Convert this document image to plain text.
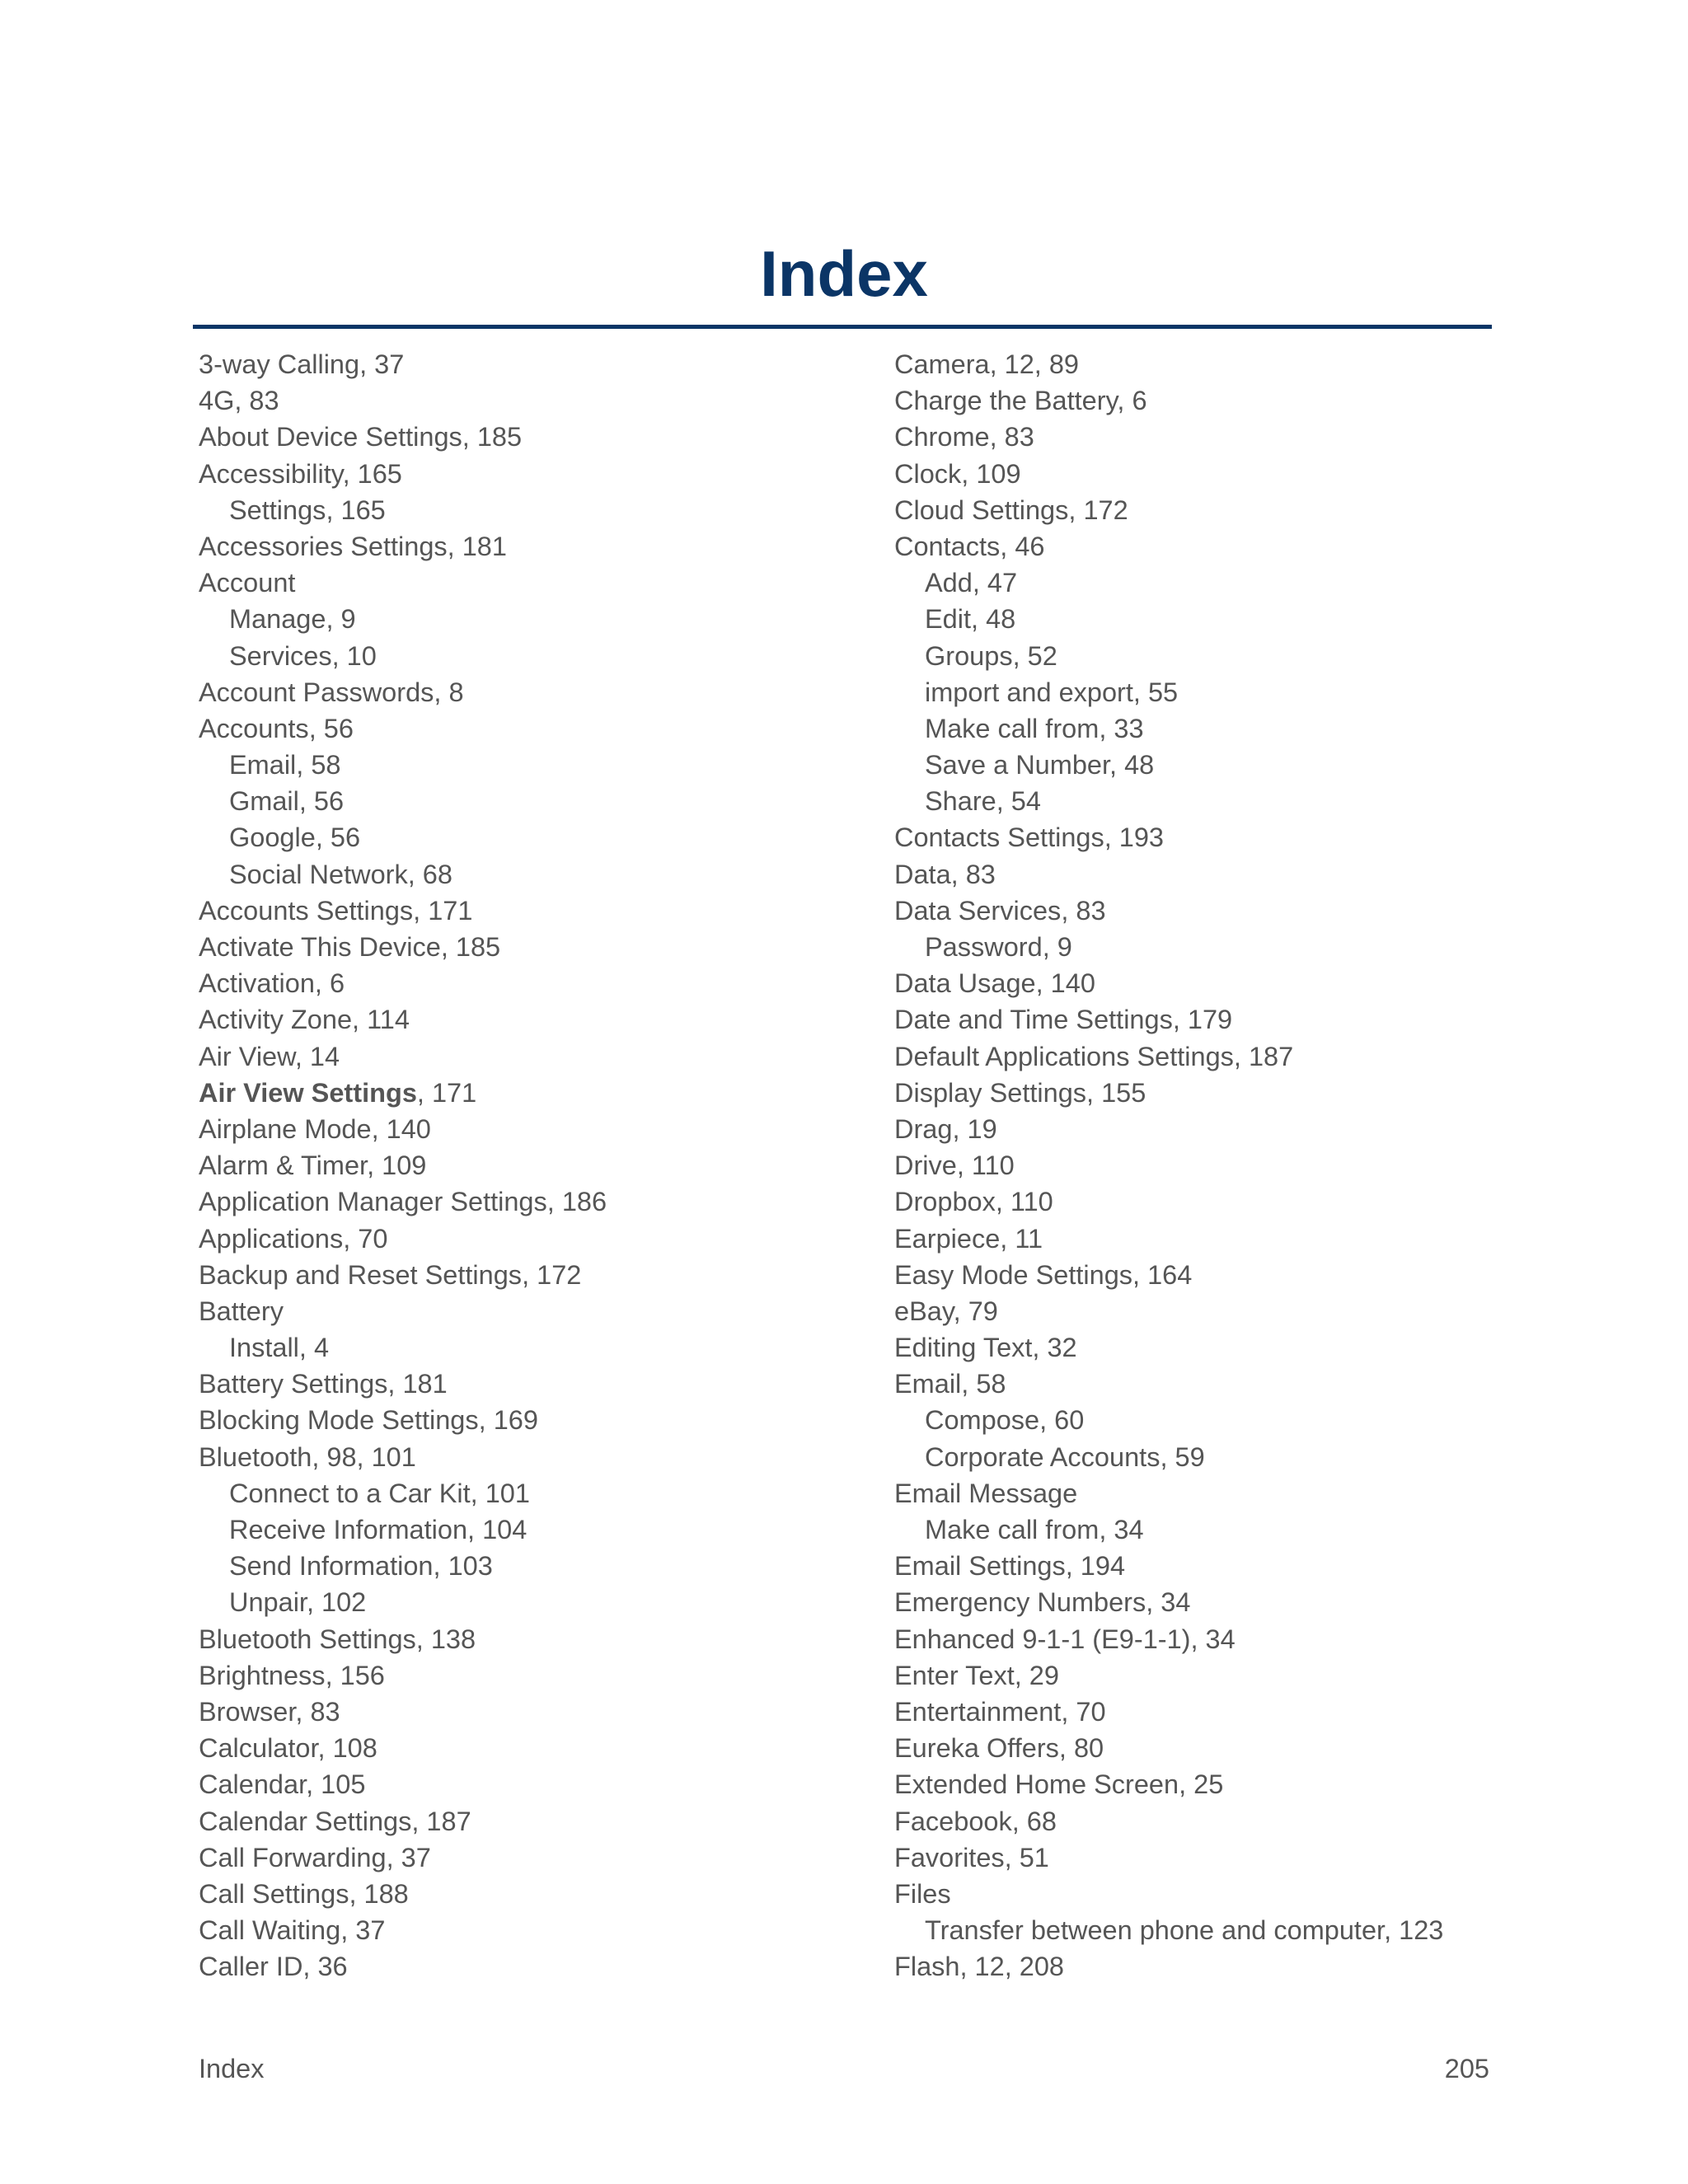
Index
3-way Calling, 37
4G, 83
About Device Settings, 185
Accessibility, 165
Settings, 165
Accessories Settings, 181
Account
Manage, 9
Services, 10
Account Passwords, 8
Accounts, 56
Email, 58
Gmail, 56
Google, 56
Social Network, 68
Accounts Settings, 171
Activate This Device, 185
Activation, 6
Activity Zone, 114
Air View, 14
Air View Settings, 171
Airplane Mode, 140
Alarm & Timer, 109
Application Manager Settings, 186
Applications, 70
Backup and Reset Settings, 172
Battery
Install, 4
Battery Settings, 181
Blocking Mode Settings, 169
Bluetooth, 98, 101
Connect to a Car Kit, 101
Receive Information, 104
Send Information, 103
Unpair, 102
Bluetooth Settings, 138
Brightness, 156
Browser, 83
Calculator, 108
Calendar, 105
Calendar Settings, 187
Call Forwarding, 37
Call Settings, 188
Call Waiting, 37
Caller ID, 36
Camera, 12, 89
Charge the Battery, 6
Chrome, 83
Clock, 109
Cloud Settings, 172
Contacts, 46
Add, 47
Edit, 48
Groups, 52
import and export, 55
Make call from, 33
Save a Number, 48
Share, 54
Contacts Settings, 193
Data, 83
Data Services, 83
Password, 9
Data Usage, 140
Date and Time Settings, 179
Default Applications Settings, 187
Display Settings, 155
Drag, 19
Drive, 110
Dropbox, 110
Earpiece, 11
Easy Mode Settings, 164
eBay, 79
Editing Text, 32
Email, 58
Compose, 60
Corporate Accounts, 59
Email Message
Make call from, 34
Email Settings, 194
Emergency Numbers, 34
Enhanced 9-1-1 (E9-1-1), 34
Enter Text, 29
Entertainment, 70
Eureka Offers, 80
Extended Home Screen, 25
Facebook, 68
Favorites, 51
Files
Transfer between phone and computer, 123
Flash, 12, 208
Index	205
